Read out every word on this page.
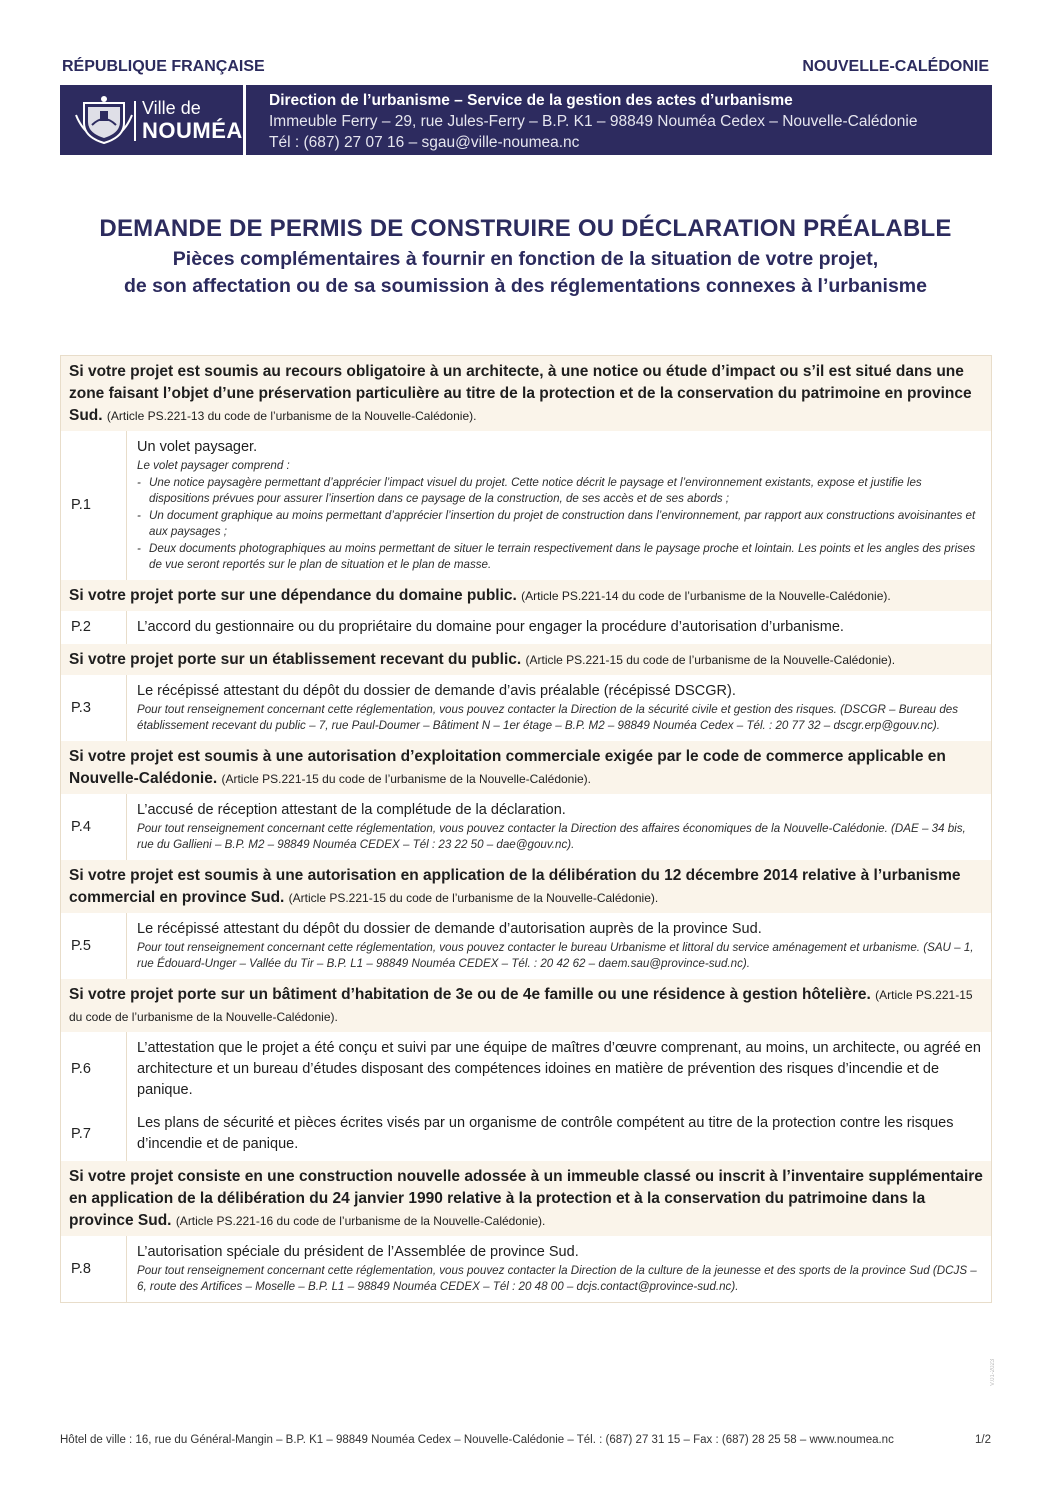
RÉPUBLIQUE FRANÇAISE	NOUVELLE-CALÉDONIE
Ville de
NOUMÉA
Direction de l’urbanisme – Service de la gestion des actes d’urbanisme
Immeuble Ferry – 29, rue Jules-Ferry – B.P. K1 – 98849 Nouméa Cedex – Nouvelle-Calédonie
Tél : (687) 27 07 16 – sgau@ville-noumea.nc
DEMANDE DE PERMIS DE CONSTRUIRE OU DÉCLARATION PRÉALABLE
Pièces complémentaires à fournir en fonction de la situation de votre projet,
de son affectation ou de sa soumission à des réglementations connexes à l’urbanisme
Si votre projet est soumis au recours obligatoire à un architecte, à une notice ou étude d’impact ou s’il est situé dans une zone faisant l’objet d’une préservation particulière au titre de la protection et de la conservation du patrimoine en province Sud. (Article PS.221-13 du code de l’urbanisme de la Nouvelle-Calédonie).
P.1
Un volet paysager.
Le volet paysager comprend :
- Une notice paysagère permettant d’apprécier l’impact visuel du projet. Cette notice décrit le paysage et l’environnement existants, expose et justifie les dispositions prévues pour assurer l’insertion dans ce paysage de la construction, de ses accès et de ses abords ;
- Un document graphique au moins permettant d’apprécier l’insertion du projet de construction dans l’environnement, par rapport aux constructions avoisinantes et aux paysages ;
- Deux documents photographiques au moins permettant de situer le terrain respectivement dans le paysage proche et lointain. Les points et les angles des prises de vue seront reportés sur le plan de situation et le plan de masse.
Si votre projet porte sur une dépendance du domaine public. (Article PS.221-14 du code de l’urbanisme de la Nouvelle-Calédonie).
P.2	L’accord du gestionnaire ou du propriétaire du domaine pour engager la procédure d’autorisation d’urbanisme.
Si votre projet porte sur un établissement recevant du public. (Article PS.221-15 du code de l’urbanisme de la Nouvelle-Calédonie).
P.3
Le récépissé attestant du dépôt du dossier de demande d’avis préalable (récépissé DSCGR).
Pour tout renseignement concernant cette réglementation, vous pouvez contacter la Direction de la sécurité civile et gestion des risques. (DSCGR – Bureau des établissement recevant du public – 7, rue Paul-Doumer – Bâtiment N – 1er étage – B.P. M2 – 98849 Nouméa Cedex – Tél. : 20 77 32 – dscgr.erp@gouv.nc).
Si votre projet est soumis à une autorisation d’exploitation commerciale exigée par le code de commerce applicable en Nouvelle-Calédonie. (Article PS.221-15 du code de l’urbanisme de la Nouvelle-Calédonie).
P.4
L’accusé de réception attestant de la complétude de la déclaration.
Pour tout renseignement concernant cette réglementation, vous pouvez contacter la Direction des affaires économiques de la Nouvelle-Calédonie. (DAE – 34 bis, rue du Gallieni – B.P. M2 – 98849 Nouméa CEDEX – Tél : 23 22 50 – dae@gouv.nc).
Si votre projet est soumis à une autorisation en application de la délibération du 12 décembre 2014 relative à l’urbanisme commercial en province Sud. (Article PS.221-15 du code de l’urbanisme de la Nouvelle-Calédonie).
P.5
Le récépissé attestant du dépôt du dossier de demande d’autorisation auprès de la province Sud.
Pour tout renseignement concernant cette réglementation, vous pouvez contacter le bureau Urbanisme et littoral du service aménagement et urbanisme. (SAU – 1, rue Édouard-Unger – Vallée du Tir – B.P. L1 – 98849 Nouméa CEDEX – Tél. : 20 42 62 – daem.sau@province-sud.nc).
Si votre projet porte sur un bâtiment d’habitation de 3e ou de 4e famille ou une résidence à gestion hôtelière. (Article PS.221-15 du code de l’urbanisme de la Nouvelle-Calédonie).
P.6
L’attestation que le projet a été conçu et suivi par une équipe de maîtres d’œuvre comprenant, au moins, un architecte, ou agréé en architecture et un bureau d’études disposant des compétences idoines en matière de prévention des risques d’incendie et de panique.
P.7
Les plans de sécurité et pièces écrites visés par un organisme de contrôle compétent au titre de la protection contre les risques d’incendie et de panique.
Si votre projet consiste en une construction nouvelle adossée à un immeuble classé ou inscrit à l’inventaire supplémentaire en application de la délibération du 24 janvier 1990 relative à la protection et à la conservation du patrimoine dans la province Sud. (Article PS.221-16 du code de l’urbanisme de la Nouvelle-Calédonie).
P.8
L’autorisation spéciale du président de l’Assemblée de province Sud.
Pour tout renseignement concernant cette réglementation, vous pouvez contacter la Direction de la culture de la jeunesse et des sports de la province Sud (DCJS – 6, route des Artifices – Moselle – B.P. L1 – 98849 Nouméa CEDEX – Tél : 20 48 00 – dcjs.contact@province-sud.nc).
V.01-2023
Hôtel de ville : 16, rue du Général-Mangin – B.P. K1 – 98849 Nouméa Cedex – Nouvelle-Calédonie – Tél. : (687) 27 31 15 – Fax : (687) 28 25 58 – www.noumea.nc	1/2
